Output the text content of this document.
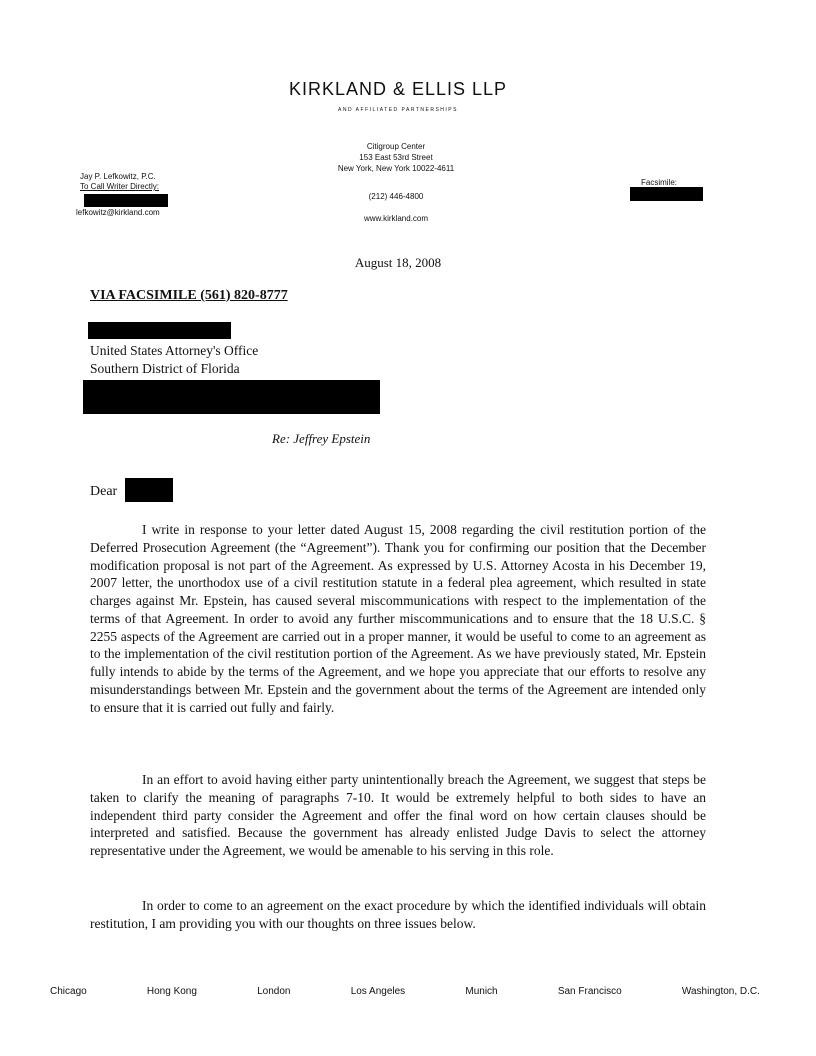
KIRKLAND & ELLIS LLP
AND AFFILIATED PARTNERSHIPS
Citigroup Center
153 East 53rd Street
New York, New York 10022-4611
(212) 446-4800
www.kirkland.com
Jay P. Lefkowitz, P.C.
To Call Writer Directly:
lefkowitz@kirkland.com
Facsimile:
August 18, 2008
VIA FACSIMILE (561) 820-8777
United States Attorney's Office
Southern District of Florida
Re: Jeffrey Epstein
Dear

I write in response to your letter dated August 15, 2008 regarding the civil restitution portion of the Deferred Prosecution Agreement (the “Agreement”). Thank you for confirming our position that the December modification proposal is not part of the Agreement. As expressed by U.S. Attorney Acosta in his December 19, 2007 letter, the unorthodox use of a civil restitution statute in a federal plea agreement, which resulted in state charges against Mr. Epstein, has caused several miscommunications with respect to the implementation of the terms of that Agreement. In order to avoid any further miscommunications and to ensure that the 18 U.S.C. § 2255 aspects of the Agreement are carried out in a proper manner, it would be useful to come to an agreement as to the implementation of the civil restitution portion of the Agreement. As we have previously stated, Mr. Epstein fully intends to abide by the terms of the Agreement, and we hope you appreciate that our efforts to resolve any misunderstandings between Mr. Epstein and the government about the terms of the Agreement are intended only to ensure that it is carried out fully and fairly.

In an effort to avoid having either party unintentionally breach the Agreement, we suggest that steps be taken to clarify the meaning of paragraphs 7-10. It would be extremely helpful to both sides to have an independent third party consider the Agreement and offer the final word on how certain clauses should be interpreted and satisfied. Because the government has already enlisted Judge Davis to select the attorney representative under the Agreement, we would be amenable to his serving in this role.

In order to come to an agreement on the exact procedure by which the identified individuals will obtain restitution, I am providing you with our thoughts on three issues below.

Chicago	Hong Kong	London	Los Angeles	Munich	San Francisco	Washington, D.C.
